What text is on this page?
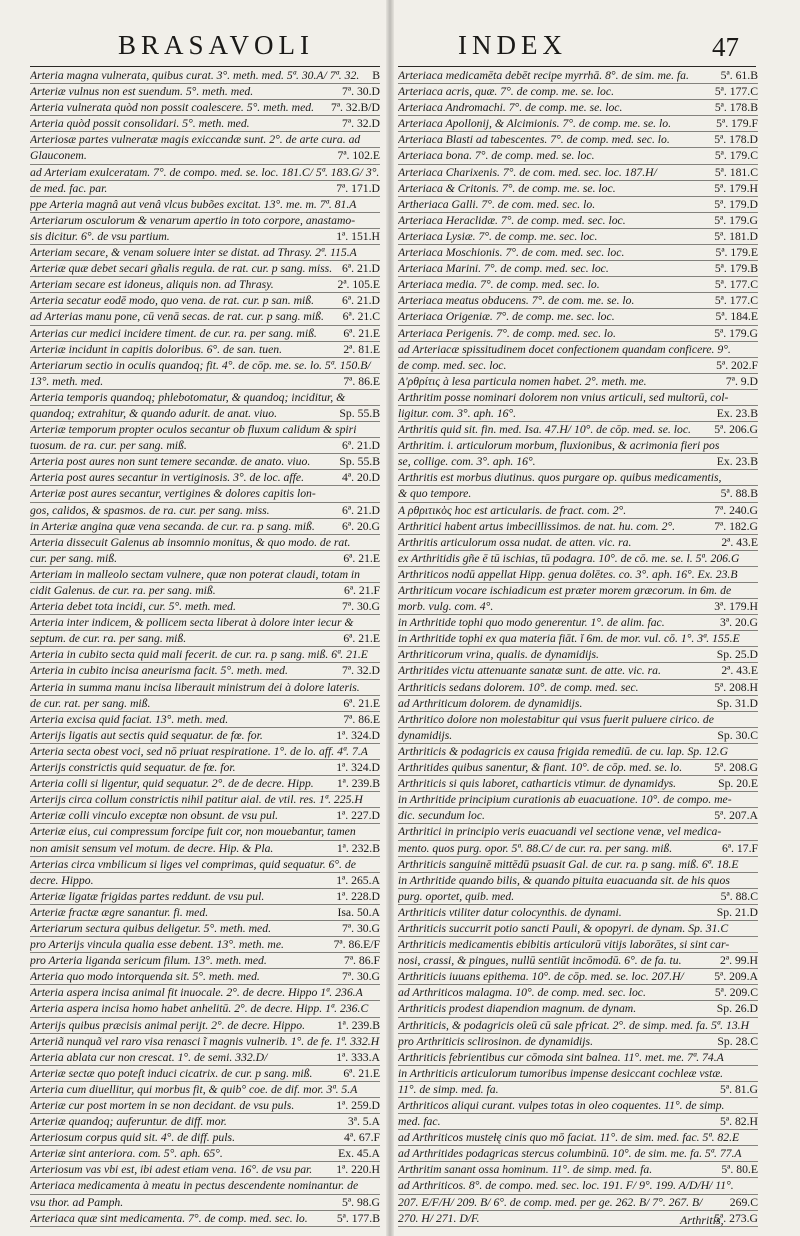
BRASAVOLI	INDEX	47
Arteria magna vulnerata, quibus curat. 3°. meth. med. 5ª. 30.A/ 7ª. 32.	B
Arteriæ vulnus non est suendum. 5°. meth. med.	7ª. 30.D
Arteria vulnerata quòd non possit coalescere. 5°. meth. med.	7ª. 32.B/D
Arteria quòd possit consolidari. 5°. meth. med.	7ª. 32.D
Arteriosæ partes vulneratæ magis exiccandæ sunt. 2°. de arte cura. ad
Glauconem.	7ª. 102.E
ad Arteriam exulceratam. 7°. de compo. med. se. loc. 181.C/ 5ª. 183.G/ 3°.
de med. fac. par.	7ª. 171.D
ppe Arteria magnâ aut venâ vlcus bubões excitat. 13°. me. m. 7ª. 81.A
Arteriarum osculorum & venarum apertio in toto corpore, anastamo-
sis dicitur. 6°. de vsu partium.	1ª. 151.H
Arteriam secare, & venam soluere inter se distat. ad Thrasy. 2ª. 115.A
Arteriæ quæ debet secari gñalis regula. de rat. cur. p sang. miss. 6ª. 21.D
Arteriam secare est idoneus, aliquis non. ad Thrasy.	2ª. 105.E
Arteria secatur eodē modo, quo vena. de rat. cur. p san. miß.	6ª. 21.D
ad Arterias manu pone, cū venā secas. de rat. cur. p sang. miß.	6ª. 21.C
Arterias cur medici incidere timent. de cur. ra. per sang. miß.	6ª. 21.E
Arteriæ incidunt in capitis doloribus. 6°. de san. tuen.	2ª. 81.E
Arteriarum sectio in oculis quandoq; fit. 4°. de cōp. me. se. lo. 5ª. 150.B/
13°. meth. med.	7ª. 86.E
Arteria temporis quandoq; phlebotomatur, & quandoq; inciditur, &
quandoq; extrahitur, & quando adurit. de anat. viuo.	Sp. 55.B
Arteriæ temporum propter oculos secantur ob fluxum calidum & spiri
tuosum. de ra. cur. per sang. miß.	6ª. 21.D
Arteria post aures non sunt temere secandæ. de anato. viuo.	Sp. 55.B
Arteria post aures secantur in vertiginosis. 3°. de loc. affe.	4ª. 20.D
Arteriæ post aures secantur, vertigines & dolores capitis lon-
gos, calidos, & spasmos. de ra. cur. per sang. miss.	6ª. 21.D
in Arteriæ angina quæ vena secanda. de cur. ra. p sang. miß.	6ª. 20.G
Arteria dissecuit Galenus ab insomnio monitus, & quo modo. de rat.
cur. per sang. miß.	6ª. 21.E
Arteriam in malleolo sectam vulnere, quæ non poterat claudi, totam in
cidit Galenus. de cur. ra. per sang. miß.	6ª. 21.F
Arteria debet tota incidi, cur. 5°. meth. med.	7ª. 30.G
Arteria inter indicem, & pollicem secta liberat à dolore inter iecur &
septum. de cur. ra. per sang. miß.	6ª. 21.E
Arteria in cubito secta quid mali fecerit. de cur. ra. p sang. miß. 6ª. 21.E
Arteria in cubito incisa aneurisma facit. 5°. meth. med.	7ª. 32.D
Arteria in summa manu incisa liberauit ministrum dei à dolore lateris.
de cur. rat. per sang. miß.	6ª. 21.E
Arteria excisa quid faciat. 13°. meth. med.	7ª. 86.E
Arterijs ligatis aut sectis quid sequatur. de fœ. for.	1ª. 324.D
Arteria secta obest voci, sed nō priuat respiratione. 1°. de lo. aff. 4ª. 7.A
Arterijs constrictis quid sequatur. de fœ. for.	1ª. 324.D
Arteria colli si ligentur, quid sequatur. 2°. de de decre. Hipp.	1ª. 239.B
Arterijs circa collum constrictis nihil patitur aial. de vtil. res. 1ª. 225.H
Arteriæ colli vinculo exceptæ non obsunt. de vsu pul.	1ª. 227.D
Arteriæ eius, cui compressum forcipe fuit cor, non mouebantur, tamen
non amisit sensum vel motum. de decre. Hip. & Pla.	1ª. 232.B
Arterias circa vmbilicum si liges vel comprimas, quid sequatur. 6°. de
decre. Hippo.	1ª. 265.A
Arteriæ ligatæ frigidas partes reddunt. de vsu pul.	1ª. 228.D
Arteriæ fractæ ægre sanantur. fi. med.	Isa. 50.A
Arteriarum sectura quibus deligetur. 5°. meth. med.	7ª. 30.G
pro Arterijs vincula qualia esse debent. 13°. meth. me.	7ª. 86.E/F
pro Arteria liganda sericum filum. 13°. meth. med.	7ª. 86.F
Arteria quo modo intorquenda sit. 5°. meth. med.	7ª. 30.G
Arteria aspera incisa animal fit inuocale. 2°. de decre. Hippo 1ª. 236.A
Arteria aspera incisa homo habet anhelitū. 2°. de decre. Hipp. 1ª. 236.C
Arterijs quibus præcisis animal perijt. 2°. de decre. Hippo.	1ª. 239.B
Arteriã nunquã vel raro visa renasci ĩ magnis vulnerib. 1°. de fe. 1ª. 332.H
Arteria ablata cur non crescat. 1°. de semi. 332.D/	1ª. 333.A
Arteriæ sectæ quo poteſt induci cicatrix. de cur. p sang. miß.	6ª. 21.E
Arteria cum diuellitur, qui morbus fit, & quib° coe. de dif. mor. 3ª. 5.A
Arteriæ cur post mortem in se non decidant. de vsu puls.	1ª. 259.D
Arteriæ quandoq; auferuntur. de diff. mor.	3ª. 5.A
Arteriosum corpus quid sit. 4°. de diff. puls.	4ª. 67.F
Arteriæ sint anteriora. com. 5°. aph. 65°.	Ex. 45.A
Arteriosum vas vbi est, ibi adest etiam vena. 16°. de vsu par.	1ª. 220.H
Arteriaca medicamenta à meatu in pectus descendente nominantur. de
vsu thor. ad Pamph.	5ª. 98.G
Arteriaca quæ sint medicamenta. 7°. de comp. med. sec. lo.	5ª. 177.B
Arteriaca medicamēta debēt recipe myrrhā. 8°. de sim. me. fa.	5ª. 61.B
Arteriaca acris, quæ. 7°. de comp. me. se. loc.	5ª. 177.C
Arteriaca Andromachi. 7°. de comp. me. se. loc.	5ª. 178.B
Arteriaca Apollonij, & Alcimionis. 7°. de comp. me. se. lo.	5ª. 179.F
Arteriaca Blasti ad tabescentes. 7°. de comp. med. sec. lo.	5ª. 178.D
Arteriaca bona. 7°. de comp. med. se. loc.	5ª. 179.C
Arteriaca Charixenis. 7°. de com. med. sec. loc. 187.H/	5ª. 181.C
Arteriaca & Critonis. 7°. de comp. me. se. loc.	5ª. 179.H
Artheriaca Galli. 7°. de com. med. sec. lo.	5ª. 179.D
Arteriaca Heraclidæ. 7°. de comp. med. sec. loc.	5ª. 179.G
Arteriaca Lysiæ. 7°. de comp. me. sec. loc.	5ª. 181.D
Arteriaca Moschionis. 7°. de com. med. sec. loc.	5ª. 179.E
Arteriaca Marini. 7°. de comp. med. sec. loc.	5ª. 179.B
Arteriaca media. 7°. de comp. med. sec. lo.	5ª. 177.C
Arteriaca meatus obducens. 7°. de com. me. se. lo.	5ª. 177.C
Arteriaca Origeniæ. 7°. de comp. me. sec. loc.	5ª. 184.E
Arteriaca Perigenis. 7°. de comp. med. sec. lo.	5ª. 179.G
ad Arteriacæ spissitudinem docet confectionem quandam conficere. 9°.
de comp. med. sec. loc.	5ª. 202.F
A'ρθρίτις à lesa particula nomen habet. 2°. meth. me.	7ª. 9.D
Arthritim posse nominari dolorem non vnius articuli, sed multorū, col-
ligitur. com. 3°. aph. 16°.	Ex. 23.B
Arthritis quid sit. fin. med. Isa. 47.H/ 10°. de cōp. med. se. loc.	5ª. 206.G
Arthritim. i. articulorum morbum, fluxionibus, & acrimonia fieri pos
se, collige. com. 3°. aph. 16°.	Ex. 23.B
Arthritis est morbus diutinus. quos purgare op. quibus medicamentis,
& quo tempore.	5ª. 88.B
A ρθριτικὸς hoc est articularis. de fract. com. 2°.	7ª. 240.G
Arthritici habent artus imbecillissimos. de nat. hu. com. 2°.	7ª. 182.G
Arthritis articulorum ossa nudat. de atten. vic. ra.	2ª. 43.E
ex Arthritidis gñe ē tū ischias, tū podagra. 10°. de cō. me. se. l. 5ª. 206.G
Arthriticos nodū appellat Hipp. genua dolētes. co. 3°. aph. 16°. Ex. 23.B
Arthriticum vocare ischiadicum est præter morem græcorum. in 6m. de
morb. vulg. com. 4°.	3ª. 179.H
in Arthritide tophi quo modo generentur. 1°. de alim. fac.	3ª. 20.G
in Arthritide tophi ex qua materia fiāt. ĭ 6m. de mor. vul. cō. 1°. 3ª. 155.E
Arthriticorum vrina, qualis. de dynamidijs.	Sp. 25.D
Arthritides victu attenuante sanatæ sunt. de atte. vic. ra.	2ª. 43.E
Arthriticis sedans dolorem. 10°. de comp. med. sec.	5ª. 208.H
ad Arthriticum dolorem. de dynamidijs.	Sp. 31.D
Arthritico dolore non molestabitur qui vsus fuerit puluere cirico. de
dynamidijs.	Sp. 30.C
Arthriticis & podagricis ex causa frigida remediū. de cu. lap. Sp. 12.G
Arthritides quibus sanentur, & fiant. 10°. de cōp. med. se. lo.	5ª. 208.G
Arthriticis si quis laboret, catharticis vtimur. de dynamidys.	Sp. 20.E
in Arthritide principium curationis ab euacuatione. 10°. de compo. me-
dic. secundum loc.	5ª. 207.A
Arthritici in principio veris euacuandi vel sectione venæ, vel medica-
mento. quos purg. opor. 5ª. 88.C/ de cur. ra. per sang. miß.	6ª. 17.F
Arthriticis sanguinē mittēdū psuasit Gal. de cur. ra. p sang. miß. 6ª. 18.E
in Arthritide quando bilis, & quando pituita euacuanda sit. de his quos
purg. oportet, quib. med.	5ª. 88.C
Arthriticis vtiliter datur colocynthis. de dynami.	Sp. 21.D
Arthriticis succurrit potio sancti Pauli, & opopyri. de dynam. Sp. 31.C
Arthriticis medicamentis ebibitis articulorū vitijs laborātes, si sint car-
nosi, crassi, & pingues, nullū sentiūt incōmodū. 6°. de fa. tu.	2ª. 99.H
Arthriticis iuuans epithema. 10°. de cōp. med. se. loc. 207.H/	5ª. 209.A
ad Arthriticos malagma. 10°. de comp. med. sec. loc.	5ª. 209.C
Arthriticis prodest diapendion magnum. de dynam.	Sp. 26.D
Arthriticis, & podagricis oleū cū sale pfricat. 2°. de simp. med. fa. 5ª. 13.H
pro Arthriticis sclirosinon. de dynamidijs.	Sp. 28.C
Arthriticis febrientibus cur cōmoda sint balnea. 11°. met. me. 7ª. 74.A
in Arthriticis articulorum tumoribus impense desiccant cochleæ vstæ.
11°. de simp. med. fa.	5ª. 81.G
Arthriticos aliqui curant. vulpes totas in oleo coquentes. 11°. de simp.
med. fac.	5ª. 82.H
ad Arthriticos musteɫę cinis quo mō faciat. 11°. de sim. med. fac. 5ª. 82.E
ad Arthritides podagricas stercus columbinū. 10°. de sim. me. fa. 5ª. 77.A
Arthritim sanant ossa hominum. 11°. de simp. med. fa.	5ª. 80.E
ad Arthriticos. 8°. de compo. med. sec. loc. 191. F/ 9°. 199. A/D/H/ 11°.
207. E/F/H/ 209. B/ 6°. de comp. med. per ge. 262. B/ 7°. 267. B/	269.C
270. H/ 271. D/F.	5ª. 273.G
Arthritis,
